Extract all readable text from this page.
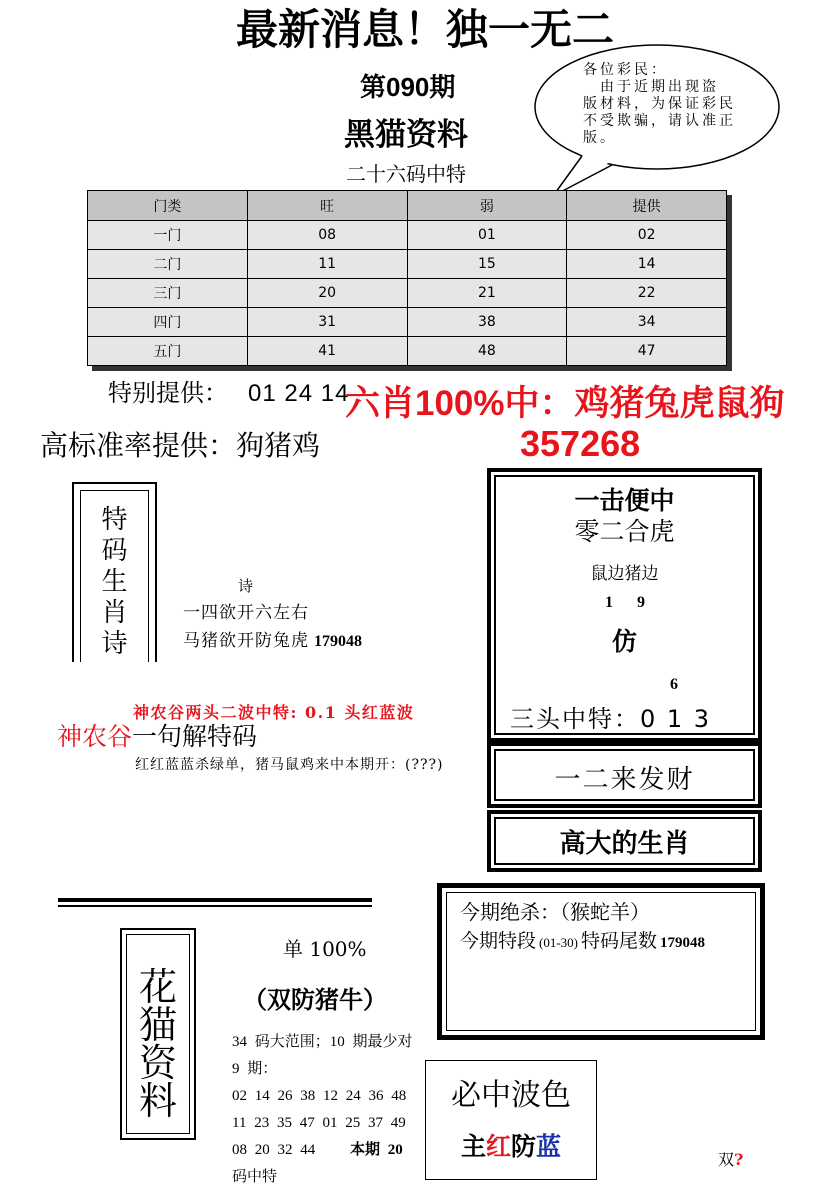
最新消息！独一无二
第090期
黑猫资料
二十六码中特
各位彩民：
由于近期出现盗
版材料，为保证彩民
不受欺骗，请认准正
版。
门类	旺	弱	提供
一门	08	01	02
二门	11	15	14
三门	20	21	22
四门	31	38	34
五门	41	48	47
特别提供： 01 24 14
六肖100%中：鸡猪兔虎鼠狗
357268
高标准率提供：狗猪鸡
特码生肖诗
诗
一四欲开六左右
马猪欲开防兔虎 179048
神农谷两头二波中特: 0.1 头红蓝波
神农谷一句解特码
红红蓝蓝杀绿单，猪马鼠鸡来中本期开：(???)
一击便中
零二合虎
鼠边猪边
1 9
仿
6
三头中特：0 1 3
一二来发财
高大的生肖
今期绝杀：（猴蛇羊）
今期特段 (01-30) 特码尾数 179048
花猫资料
单 100%
（双防猪牛）
34 码大范围；10 期最少对
9 期：
02 14 26 38 12 24 36 48
11 23 35 47 01 25 37 49
08 20 32 44 本期 20
码中特
必中波色
主红防蓝	双?
